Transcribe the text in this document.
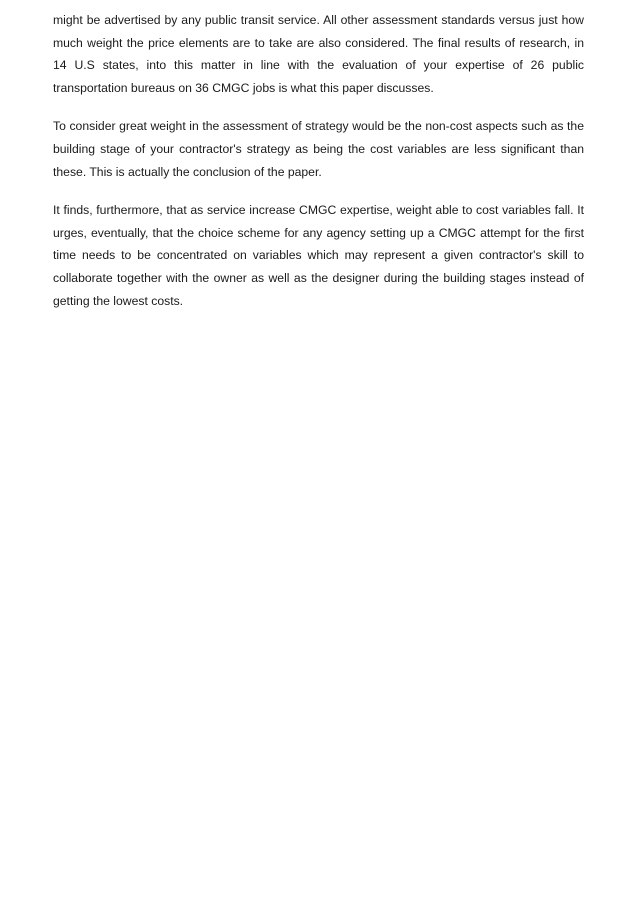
might be advertised by any public transit service. All other assessment standards versus just how much weight the price elements are to take are also considered. The final results of research, in 14 U.S states, into this matter in line with the evaluation of your expertise of 26 public transportation bureaus on 36 CMGC jobs is what this paper discusses.

To consider great weight in the assessment of strategy would be the non-cost aspects such as the building stage of your contractor's strategy as being the cost variables are less significant than these. This is actually the conclusion of the paper.

It finds, furthermore, that as service increase CMGC expertise, weight able to cost variables fall. It urges, eventually, that the choice scheme for any agency setting up a CMGC attempt for the first time needs to be concentrated on variables which may represent a given contractor's skill to collaborate together with the owner as well as the designer during the building stages instead of getting the lowest costs.
